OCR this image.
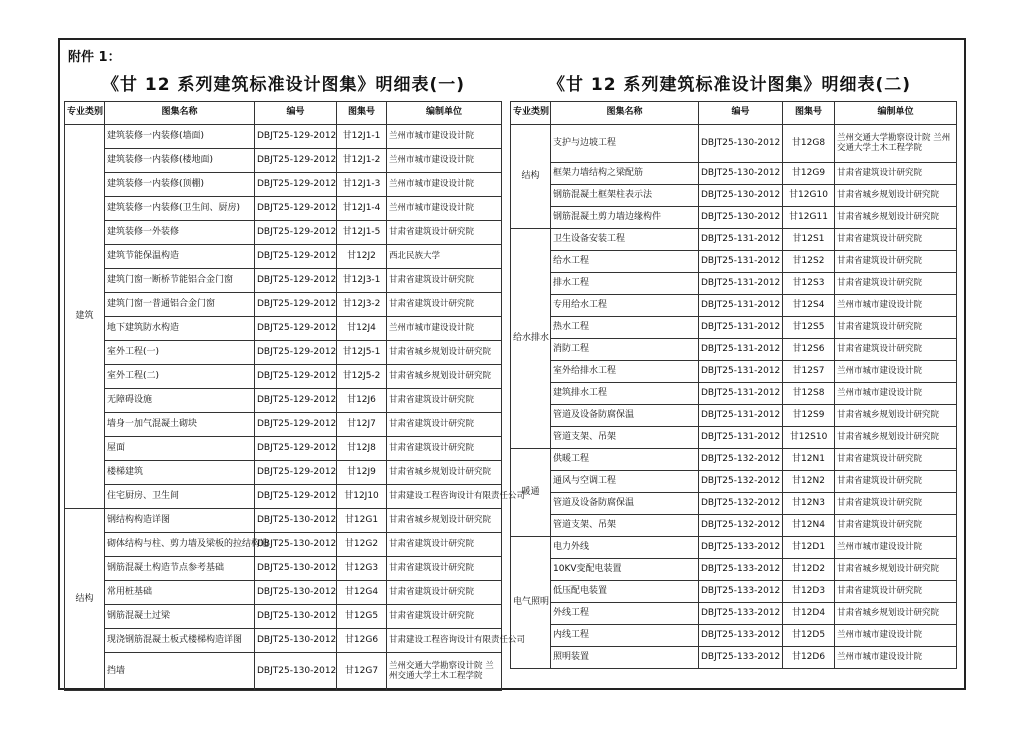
附件 1：
《甘 12 系列建筑标准设计图集》明细表(一)	《甘 12 系列建筑标准设计图集》明细表(二)
专业类别	图集名称	编号	图集号	编制单位
建筑	建筑装修一内装修(墙面)	DBJT25-129-2012	甘12J1-1	兰州市城市建设设计院
	建筑装修一内装修(楼地面)	DBJT25-129-2012	甘12J1-2	兰州市城市建设设计院
	建筑装修一内装修(顶棚)	DBJT25-129-2012	甘12J1-3	兰州市城市建设设计院
	建筑装修一内装修(卫生间、厨房)	DBJT25-129-2012	甘12J1-4	兰州市城市建设设计院
	建筑装修一外装修	DBJT25-129-2012	甘12J1-5	甘肃省建筑设计研究院
	建筑节能保温构造	DBJT25-129-2012	甘12J2	西北民族大学
	建筑门窗一断桥节能铝合金门窗	DBJT25-129-2012	甘12J3-1	甘肃省建筑设计研究院
	建筑门窗一普通铝合金门窗	DBJT25-129-2012	甘12J3-2	甘肃省建筑设计研究院
	地下建筑防水构造	DBJT25-129-2012	甘12J4	兰州市城市建设设计院
	室外工程(一)	DBJT25-129-2012	甘12J5-1	甘肃省城乡规划设计研究院
	室外工程(二)	DBJT25-129-2012	甘12J5-2	甘肃省城乡规划设计研究院
	无障碍设施	DBJT25-129-2012	甘12J6	甘肃省建筑设计研究院
	墙身一加气混凝土砌块	DBJT25-129-2012	甘12J7	甘肃省建筑设计研究院
	屋面	DBJT25-129-2012	甘12J8	甘肃省建筑设计研究院
	楼梯建筑	DBJT25-129-2012	甘12J9	甘肃省城乡规划设计研究院
	住宅厨房、卫生间	DBJT25-129-2012	甘12J10	甘肃建设工程咨询设计有限责任公司
结构	钢结构构造详图	DBJT25-130-2012	甘12G1	甘肃省城乡规划设计研究院
	砌体结构与柱、剪力墙及梁板的拉结构造	DBJT25-130-2012	甘12G2	甘肃省建筑设计研究院
	钢筋混凝土构造节点参考基础	DBJT25-130-2012	甘12G3	甘肃省建筑设计研究院
	常用桩基础	DBJT25-130-2012	甘12G4	甘肃省建筑设计研究院
	钢筋混凝土过梁	DBJT25-130-2012	甘12G5	甘肃省建筑设计研究院
	现浇钢筋混凝土板式楼梯构造详图	DBJT25-130-2012	甘12G6	甘肃建设工程咨询设计有限责任公司
	挡墙	DBJT25-130-2012	甘12G7	兰州交通大学勘察设计院 兰州交通大学土木工程学院
专业类别	图集名称	编号	图集号	编制单位
结构	支护与边坡工程	DBJT25-130-2012	甘12G8	兰州交通大学勘察设计院 兰州交通大学土木工程学院
	框架力墙结构之梁配筋	DBJT25-130-2012	甘12G9	甘肃省建筑设计研究院
	钢筋混凝土框架柱表示法	DBJT25-130-2012	甘12G10	甘肃省城乡规划设计研究院
	钢筋混凝土剪力墙边缘构件	DBJT25-130-2012	甘12G11	甘肃省城乡规划设计研究院
给水排水	卫生设备安装工程	DBJT25-131-2012	甘12S1	甘肃省建筑设计研究院
	给水工程	DBJT25-131-2012	甘12S2	甘肃省建筑设计研究院
	排水工程	DBJT25-131-2012	甘12S3	甘肃省建筑设计研究院
	专用给水工程	DBJT25-131-2012	甘12S4	兰州市城市建设设计院
	热水工程	DBJT25-131-2012	甘12S5	甘肃省建筑设计研究院
	消防工程	DBJT25-131-2012	甘12S6	甘肃省建筑设计研究院
	室外给排水工程	DBJT25-131-2012	甘12S7	兰州市城市建设设计院
	建筑排水工程	DBJT25-131-2012	甘12S8	兰州市城市建设设计院
	管道及设备防腐保温	DBJT25-131-2012	甘12S9	甘肃省城乡规划设计研究院
	管道支架、吊架	DBJT25-131-2012	甘12S10	甘肃省城乡规划设计研究院
暖通	供暖工程	DBJT25-132-2012	甘12N1	甘肃省建筑设计研究院
	通风与空调工程	DBJT25-132-2012	甘12N2	甘肃省建筑设计研究院
	管道及设备防腐保温	DBJT25-132-2012	甘12N3	甘肃省建筑设计研究院
	管道支架、吊架	DBJT25-132-2012	甘12N4	甘肃省建筑设计研究院
电气照明	电力外线	DBJT25-133-2012	甘12D1	兰州市城市建设设计院
	10KV变配电装置	DBJT25-133-2012	甘12D2	甘肃省城乡规划设计研究院
	低压配电装置	DBJT25-133-2012	甘12D3	甘肃省建筑设计研究院
	外线工程	DBJT25-133-2012	甘12D4	甘肃省城乡规划设计研究院
	内线工程	DBJT25-133-2012	甘12D5	兰州市城市建设设计院
	照明装置	DBJT25-133-2012	甘12D6	兰州市城市建设设计院
